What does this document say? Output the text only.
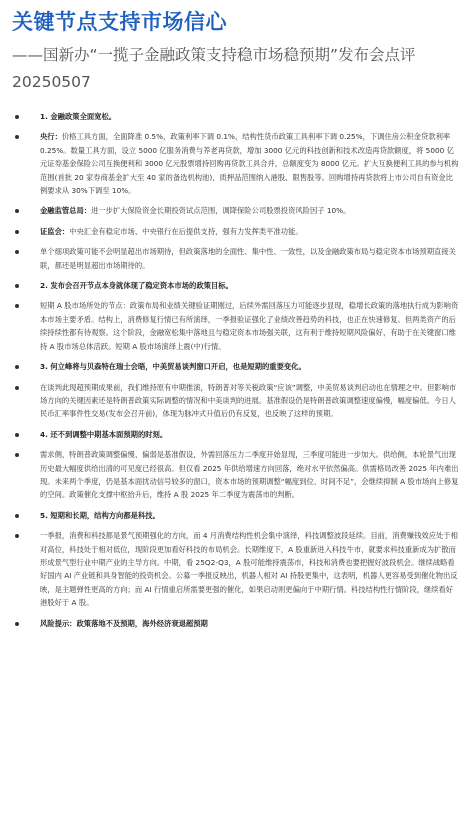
关键节点支持市场信心
——国新办“一揽子金融政策支持稳市场稳预期”发布会点评 20250507
1. 金融政策全面宽松。
央行：价格工具方面，全面降准 0.5%，政策利率下调 0.1%，结构性货币政策工具利率下调 0.25%，下调住房公积金贷款利率 0.25%。数量工具方面，设立 5000 亿服务消费与养老再贷款，增加 3000 亿元的科技创新和技术改造再贷款额度，将 5000 亿元证券基金保险公司互换便利和 3000 亿元股票增持回购再贷款工具合并，总额度变为 8000 亿元。扩大互换便利工具的参与机构范围(首批 20 家券商基金扩大至 40 家的备选机构池)，质押品范围纳入港股、限售股等。回购增持再贷款将上市公司自有资金比例要求从 30%下调至 10%。
金融监管总局：进一步扩大保险资金长期投资试点范围，调降保险公司股票投资风险因子 10%。
证监会：中央汇金有稳定市场、中央银行在后提供支持，强有力发挥类平准功能。
单个细项政策可能不会明显超出市场期待，但政策落地的全面性、集中性、一致性，以及金融政策布局与稳定资本市场预期直接关联，都还是明显超出市场期待的。
2. 发布会召开节点本身就体现了稳定资本市场的政策目标。
短期 A 股市场所处的节点：政策布局和业绩关键验证期刚过，后续外需回落压力可能逐步显现，稳增长政策的落地执行成为影响资本市场主要矛盾。结构上，消费修复行情已有所演绎，一季报验证强化了业绩改善趋势的科技，也正在快速修复。但两类资产的后续持续性都有待观察。这个阶段，金融宽松集中落地且与稳定资本市场强关联，这有利于维持短期风险偏好，有助于在关键窗口维持 A 股市场总体活跃。短期 A 股市场演绎上震(中)行情。
3. 何立峰将与贝森特在瑞士会晤，中美贸易谈判窗口开启，也是短期的重要变化。
在谈判此现超预期成果前，我们维持原有中期推演，特朗普对等关税政策“应该”调整，中美贸易谈判启动也在情理之中。但影响市场方向的关键因素还是特朗普政策实际调整的情况和中美谈判的进展。基准假设仍是特朗普政策调整速度偏慢，幅度偏低。今日人民币汇率事件性交易(发布会召开前)，体现为脉冲式升值后仍有反复，也反映了这样的预期。
4. 还不到调整中期基本面预期的时刻。
需求侧，特朗普政策调整偏慢、偏弱是基准假设，外需回落压力二季度开始显现，三季度可能进一步加大。供给侧，本轮景气出现历史最大幅度供给出清的可见度已经很高。但仅看 2025 年供给增速方向回落，绝对水平依然偏高。供需格局改善 2025 年内难出现。未来两个季度，仍是基本面扰动信号较多的窗口，资本市场的预期调整“幅度到位、时间不足”，会继续抑制 A 股市场向上修复的空间。政策催化支撑中枢抬升后，维持 A 股 2025 年二季度为震荡市的判断。
5. 短期和长期，结构方向都是科技。
一季报，消费和科技都是景气预期强化的方向，而 4 月消费结构性机会集中演绎，科技调整波段延续。目前，消费赚钱效应处于相对高位，科技处于相对低位，现阶段更加看好科技的布局机会。长期维度下，A 股重新进入科技牛市，就要求科技重新成为扩散而形成景气型行业中期产业的主导方向。中期，看 25Q2-Q3，A 股可能维持震荡市，科技和消费也要把握好波段机会。继续战略看好国内 AI 产业链和具身智能的投资机会。公募一季报反映出，机器人相对 AI 持股更集中，这表明，机器人更容易受到催化物出反映，是主题弹性更高的方向；而 AI 行情重启所需要更强的催化，如果启动则更偏向于中期行情。科技结构性行情阶段，继续看好港股好于 A 股。
风险提示：政策落地不及预期，海外经济衰退超预期
